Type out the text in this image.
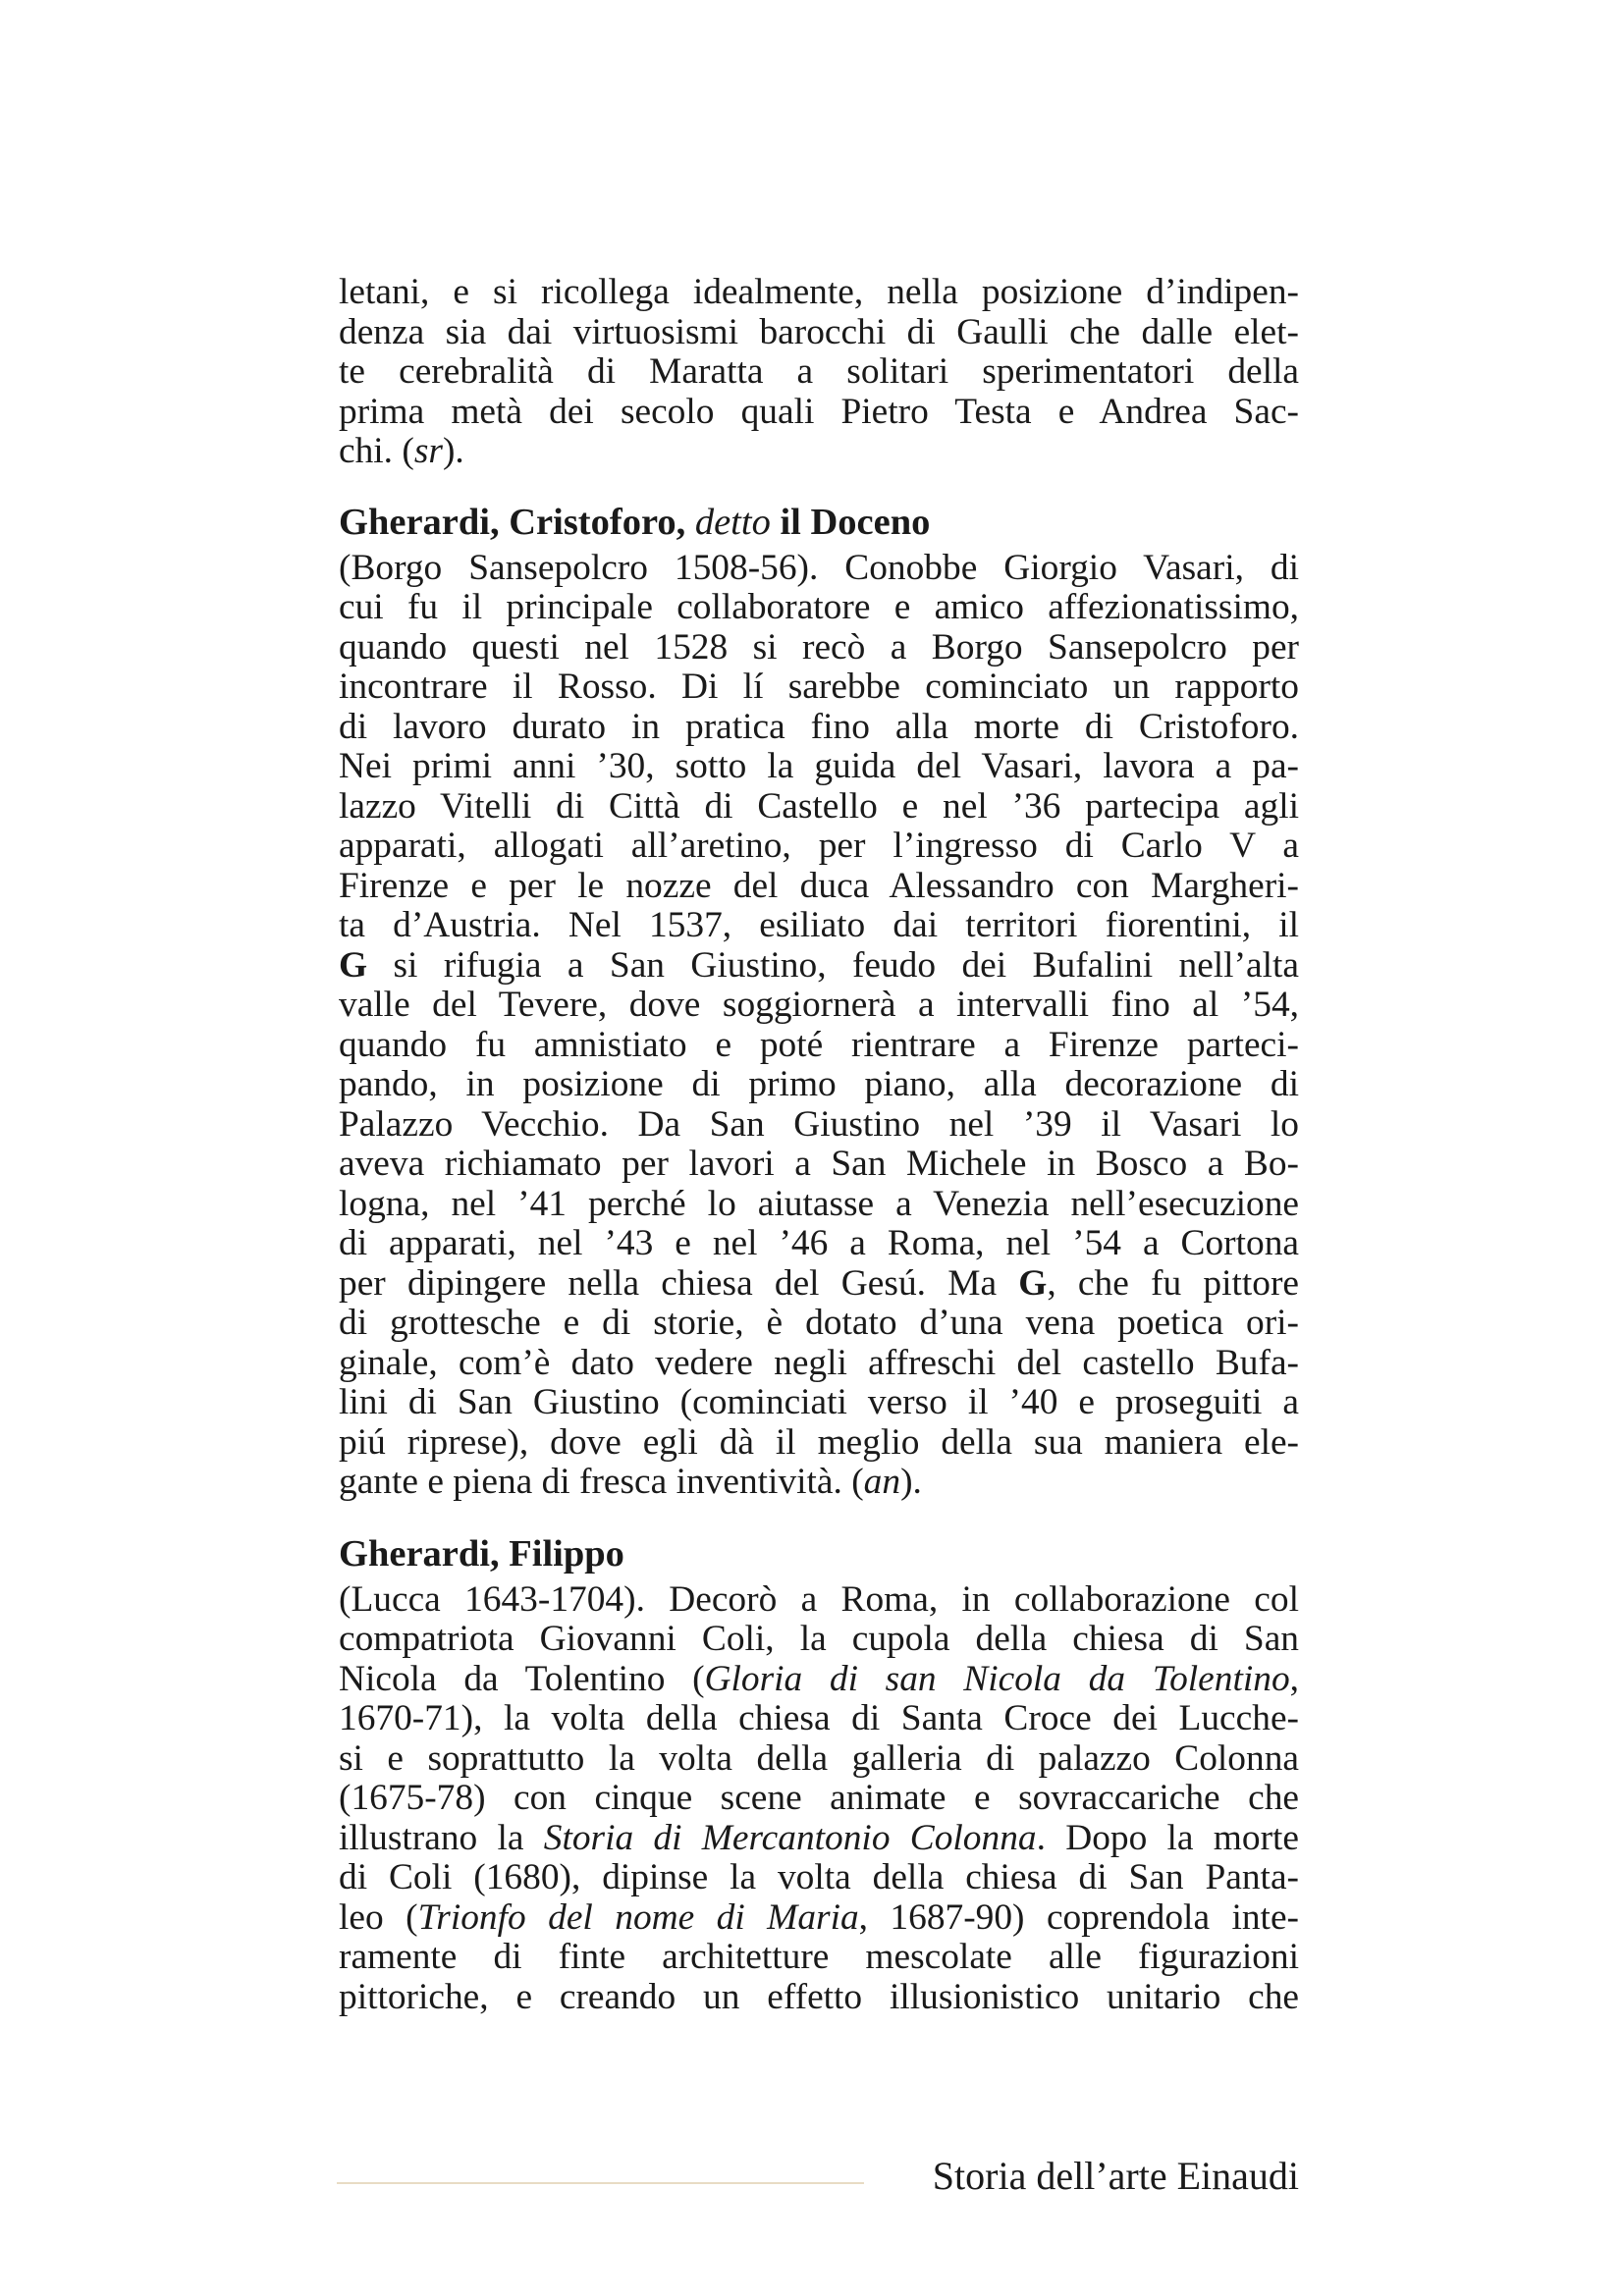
letani, e si ricollega idealmente, nella posizione d’indipen-
denza sia dai virtuosismi barocchi di Gaulli che dalle elet-
te cerebralità di Maratta a solitari sperimentatori della
prima metà dei secolo quali Pietro Testa e Andrea Sac-
chi. (sr).
Gherardi, Cristoforo, detto il Doceno
(Borgo Sansepolcro 1508-56). Conobbe Giorgio Vasari, di
cui fu il principale collaboratore e amico affezionatissimo,
quando questi nel 1528 si recò a Borgo Sansepolcro per
incontrare il Rosso. Di lí sarebbe cominciato un rapporto
di lavoro durato in pratica fino alla morte di Cristoforo.
Nei primi anni ’30, sotto la guida del Vasari, lavora a pa-
lazzo Vitelli di Città di Castello e nel ’36 partecipa agli
apparati, allogati all’aretino, per l’ingresso di Carlo V a
Firenze e per le nozze del duca Alessandro con Margheri-
ta d’Austria. Nel 1537, esiliato dai territori fiorentini, il
G si rifugia a San Giustino, feudo dei Bufalini nell’alta
valle del Tevere, dove soggiornerà a intervalli fino al ’54,
quando fu amnistiato e poté rientrare a Firenze parteci-
pando, in posizione di primo piano, alla decorazione di
Palazzo Vecchio. Da San Giustino nel ’39 il Vasari lo
aveva richiamato per lavori a San Michele in Bosco a Bo-
logna, nel ’41 perché lo aiutasse a Venezia nell’esecuzione
di apparati, nel ’43 e nel ’46 a Roma, nel ’54 a Cortona
per dipingere nella chiesa del Gesú. Ma G, che fu pittore
di grottesche e di storie, è dotato d’una vena poetica ori-
ginale, com’è dato vedere negli affreschi del castello Bufa-
lini di San Giustino (cominciati verso il ’40 e proseguiti a
piú riprese), dove egli dà il meglio della sua maniera ele-
gante e piena di fresca inventività. (an).
Gherardi, Filippo
(Lucca 1643-1704). Decorò a Roma, in collaborazione col
compatriota Giovanni Coli, la cupola della chiesa di San
Nicola da Tolentino (Gloria di san Nicola da Tolentino,
1670-71), la volta della chiesa di Santa Croce dei Lucche-
si e soprattutto la volta della galleria di palazzo Colonna
(1675-78) con cinque scene animate e sovraccariche che
illustrano la Storia di Mercantonio Colonna. Dopo la morte
di Coli (1680), dipinse la volta della chiesa di San Panta-
leo (Trionfo del nome di Maria, 1687-90) coprendola inte-
ramente di finte architetture mescolate alle figurazioni
pittoriche, e creando un effetto illusionistico unitario che
Storia dell’arte Einaudi
